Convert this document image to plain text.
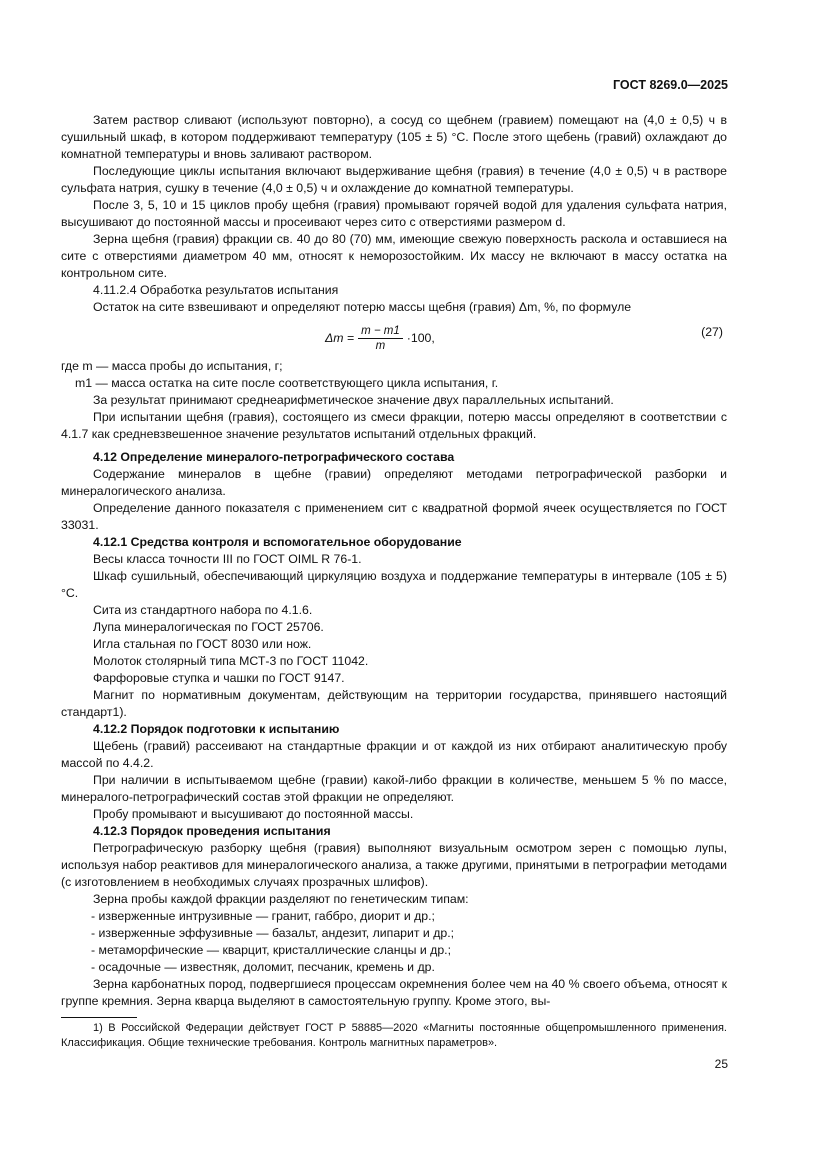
ГОСТ 8269.0—2025

Затем раствор сливают (используют повторно), а сосуд со щебнем (гравием) помещают на (4,0 ± 0,5) ч в сушильный шкаф, в котором поддерживают температуру (105 ± 5) °С. После этого щебень (гравий) охлаждают до комнатной температуры и вновь заливают раствором.

Последующие циклы испытания включают выдерживание щебня (гравия) в течение (4,0 ± 0,5) ч в растворе сульфата натрия, сушку в течение (4,0 ± 0,5) ч и охлаждение до комнатной температуры.

После 3, 5, 10 и 15 циклов пробу щебня (гравия) промывают горячей водой для удаления сульфата натрия, высушивают до постоянной массы и просеивают через сито с отверстиями размером d.

Зерна щебня (гравия) фракции св. 40 до 80 (70) мм, имеющие свежую поверхность раскола и оставшиеся на сите с отверстиями диаметром 40 мм, относят к неморозостойким. Их массу не включают в массу остатка на контрольном сите.

4.11.2.4 Обработка результатов испытания

Остаток на сите взвешивают и определяют потерю массы щебня (гравия) Δm, %, по формуле

$\Delta m = \frac{m - m1}{m} \cdot 100$,	(27)

где m — масса пробы до испытания, г;

m1 — масса остатка на сите после соответствующего цикла испытания, г.

За результат принимают среднеарифметическое значение двух параллельных испытаний.

При испытании щебня (гравия), состоящего из смеси фракции, потерю массы определяют в соответствии с 4.1.7 как средневзвешенное значение результатов испытаний отдельных фракций.

4.12 Определение минералого-петрографического состава

Содержание минералов в щебне (гравии) определяют методами петрографической разборки и минералогического анализа.

Определение данного показателя с применением сит с квадратной формой ячеек осуществляется по ГОСТ 33031.

4.12.1 Средства контроля и вспомогательное оборудование

Весы класса точности III по ГОСТ OIML R 76-1.

Шкаф сушильный, обеспечивающий циркуляцию воздуха и поддержание температуры в интервале (105 ± 5) °С.

Сита из стандартного набора по 4.1.6.

Лупа минералогическая по ГОСТ 25706.

Игла стальная по ГОСТ 8030 или нож.

Молоток столярный типа МСТ-3 по ГОСТ 11042.

Фарфоровые ступка и чашки по ГОСТ 9147.

Магнит по нормативным документам, действующим на территории государства, принявшего настоящий стандарт1).

4.12.2 Порядок подготовки к испытанию

Щебень (гравий) рассеивают на стандартные фракции и от каждой из них отбирают аналитическую пробу массой по 4.4.2.

При наличии в испытываемом щебне (гравии) какой-либо фракции в количестве, меньшем 5 % по массе, минералого-петрографический состав этой фракции не определяют.

Пробу промывают и высушивают до постоянной массы.

4.12.3 Порядок проведения испытания

Петрографическую разборку щебня (гравия) выполняют визуальным осмотром зерен с помощью лупы, используя набор реактивов для минералогического анализа, а также другими, принятыми в петрографии методами (с изготовлением в необходимых случаях прозрачных шлифов).

Зерна пробы каждой фракции разделяют по генетическим типам:

- изверженные интрузивные — гранит, габбро, диорит и др.;

- изверженные эффузивные — базальт, андезит, липарит и др.;

- метаморфические — кварцит, кристаллические сланцы и др.;

- осадочные — известняк, доломит, песчаник, кремень и др.

Зерна карбонатных пород, подвергшиеся процессам окремнения более чем на 40 % своего объема, относят к группе кремния. Зерна кварца выделяют в самостоятельную группу. Кроме этого, вы-

1) В Российской Федерации действует ГОСТ Р 58885—2020 «Магниты постоянные общепромышленного применения. Классификация. Общие технические требования. Контроль магнитных параметров».
25
